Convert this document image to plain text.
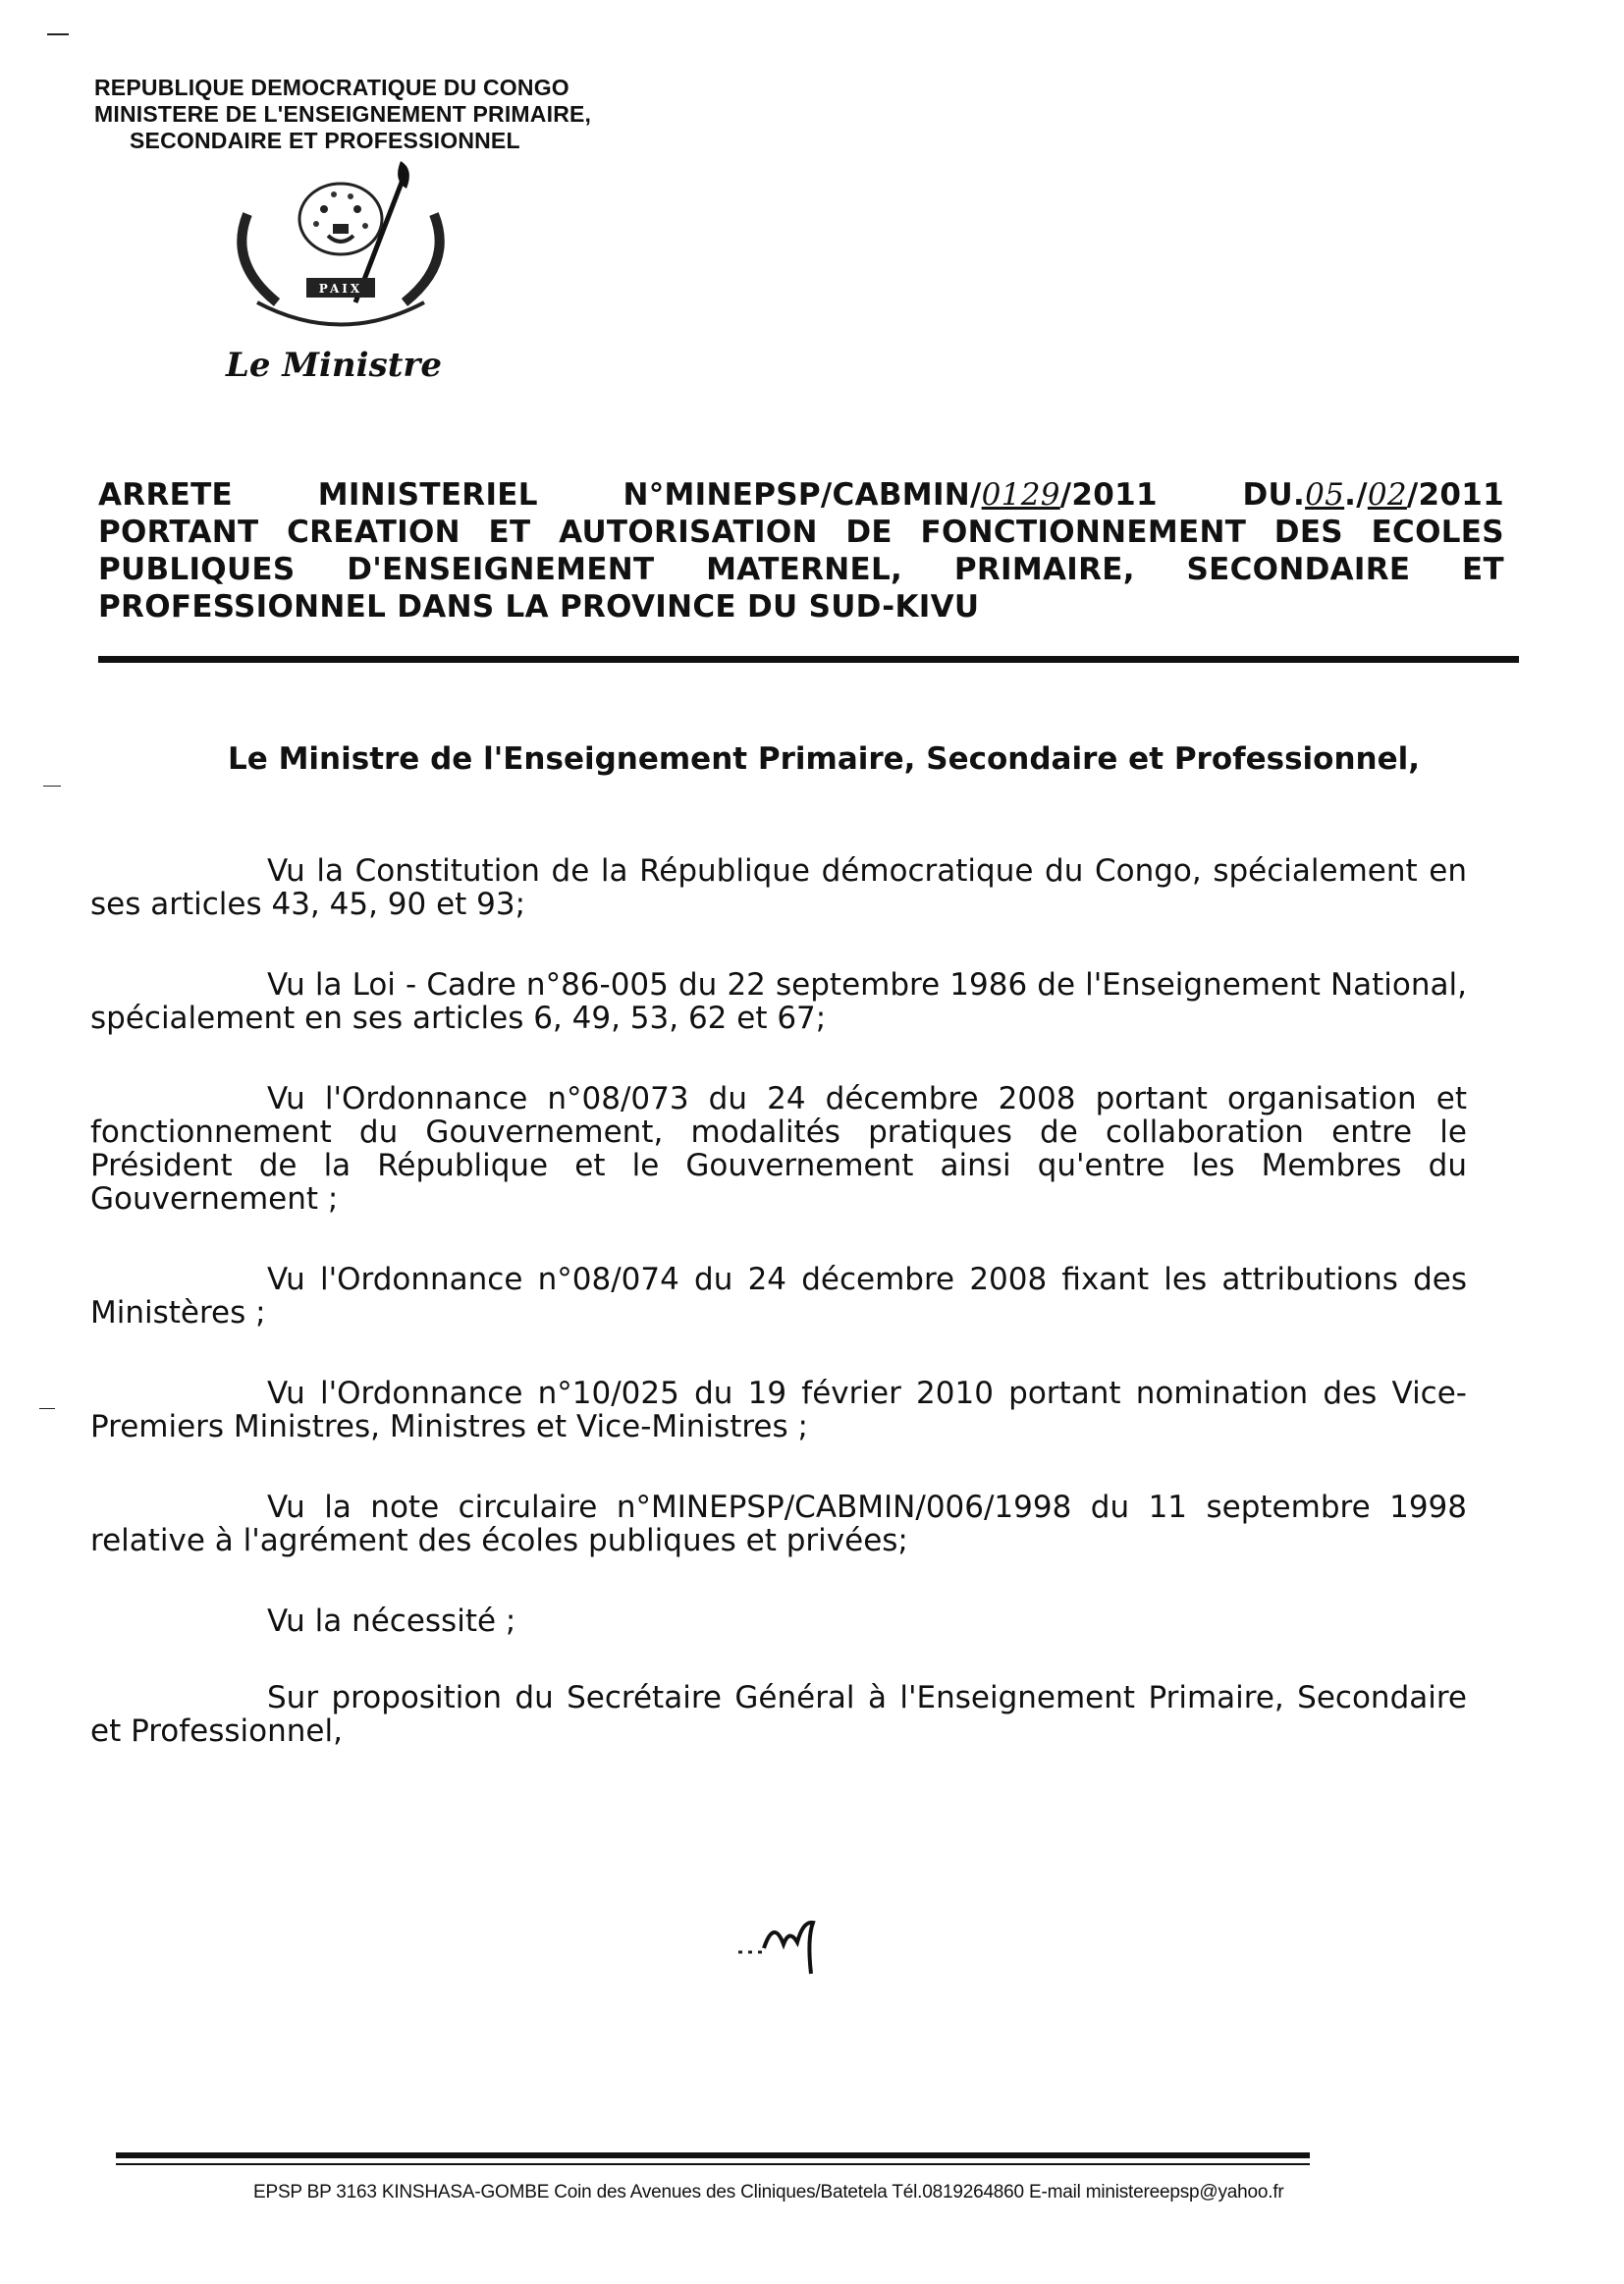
REPUBLIQUE DEMOCRATIQUE DU CONGO
MINISTERE DE L'ENSEIGNEMENT PRIMAIRE,
SECONDAIRE ET PROFESSIONNEL
PAIX
Le Ministre
ARRETE	MINISTERIEL	N°MINEPSP/CABMIN/0129/2011	DU.05./02/2011
PORTANT CREATION ET AUTORISATION DE FONCTIONNEMENT DES ECOLES
PUBLIQUES D'ENSEIGNEMENT MATERNEL, PRIMAIRE, SECONDAIRE ET
PROFESSIONNEL DANS LA PROVINCE DU SUD-KIVU
Le Ministre de l'Enseignement Primaire, Secondaire et Professionnel,

Vu la Constitution de la République démocratique du Congo, spécialement en ses articles 43, 45, 90 et 93;

Vu la Loi - Cadre n°86-005 du 22 septembre 1986 de l'Enseignement National, spécialement en ses articles 6, 49, 53, 62 et 67;

Vu l'Ordonnance n°08/073 du 24 décembre 2008 portant organisation et fonctionnement du Gouvernement, modalités pratiques de collaboration entre le Président de la République et le Gouvernement ainsi qu'entre les Membres du Gouvernement ;

Vu l'Ordonnance n°08/074 du 24 décembre 2008 fixant les attributions des Ministères ;

Vu l'Ordonnance n°10/025 du 19 février 2010 portant nomination des Vice-Premiers Ministres, Ministres et Vice-Ministres ;

Vu la note circulaire n°MINEPSP/CABMIN/006/1998 du 11 septembre 1998 relative à l'agrément des écoles publiques et privées;

Vu la nécessité ;

Sur proposition du Secrétaire Général à l'Enseignement Primaire, Secondaire et Professionnel,

EPSP BP 3163 KINSHASA-GOMBE Coin des Avenues des Cliniques/Batetela Tél.0819264860 E-mail ministereepsp@yahoo.fr
